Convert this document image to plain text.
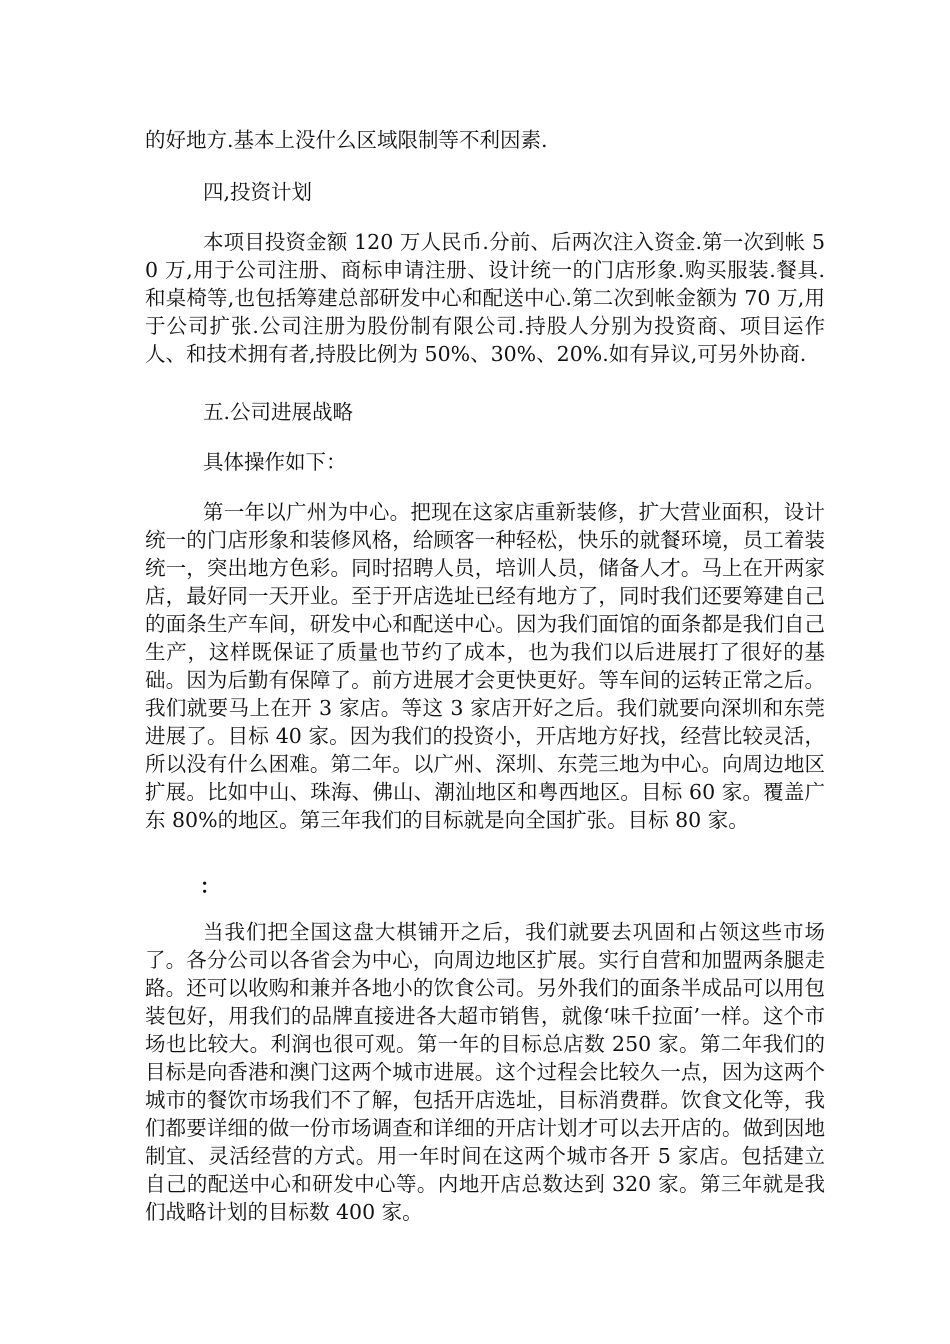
的好地方.基本上没什么区域限制等不利因素.

四,投资计划

本项目投资金额 120 万人民币.分前、后两次注入资金.第一次到帐 50 万,用于公司注册、商标申请注册、设计统一的门店形象.购买服装.餐具.和桌椅等,也包括筹建总部研发中心和配送中心.第二次到帐金额为 70 万,用于公司扩张.公司注册为股份制有限公司.持股人分别为投资商、项目运作人、和技术拥有者,持股比例为 50%、30%、20%.如有异议,可另外协商.

五.公司进展战略

具体操作如下：

第一年以广州为中心。把现在这家店重新装修，扩大营业面积，设计统一的门店形象和装修风格，给顾客一种轻松，快乐的就餐环境，员工着装统一，突出地方色彩。同时招聘人员，培训人员，储备人才。马上在开两家店，最好同一天开业。至于开店选址已经有地方了，同时我们还要筹建自己的面条生产车间，研发中心和配送中心。因为我们面馆的面条都是我们自己生产，这样既保证了质量也节约了成本，也为我们以后进展打了很好的基础。因为后勤有保障了。前方进展才会更快更好。等车间的运转正常之后。我们就要马上在开 3 家店。等这 3 家店开好之后。我们就要向深圳和东莞进展了。目标 40 家。因为我们的投资小，开店地方好找，经营比较灵活，所以没有什么困难。第二年。以广州、深圳、东莞三地为中心。向周边地区扩展。比如中山、珠海、佛山、潮汕地区和粤西地区。目标 60 家。覆盖广东 80%的地区。第三年我们的目标就是向全国扩张。目标 80 家。

：

当我们把全国这盘大棋铺开之后，我们就要去巩固和占领这些市场了。各分公司以各省会为中心，向周边地区扩展。实行自营和加盟两条腿走路。还可以收购和兼并各地小的饮食公司。另外我们的面条半成品可以用包装包好，用我们的品牌直接进各大超市销售，就像‘味千拉面’一样。这个市场也比较大。利润也很可观。第一年的目标总店数 250 家。第二年我们的目标是向香港和澳门这两个城市进展。这个过程会比较久一点，因为这两个城市的餐饮市场我们不了解，包括开店选址，目标消费群。饮食文化等，我们都要详细的做一份市场调查和详细的开店计划才可以去开店的。做到因地制宜、灵活经营的方式。用一年时间在这两个城市各开 5 家店。包括建立自己的配送中心和研发中心等。内地开店总数达到 320 家。第三年就是我们战略计划的目标数 400 家。
